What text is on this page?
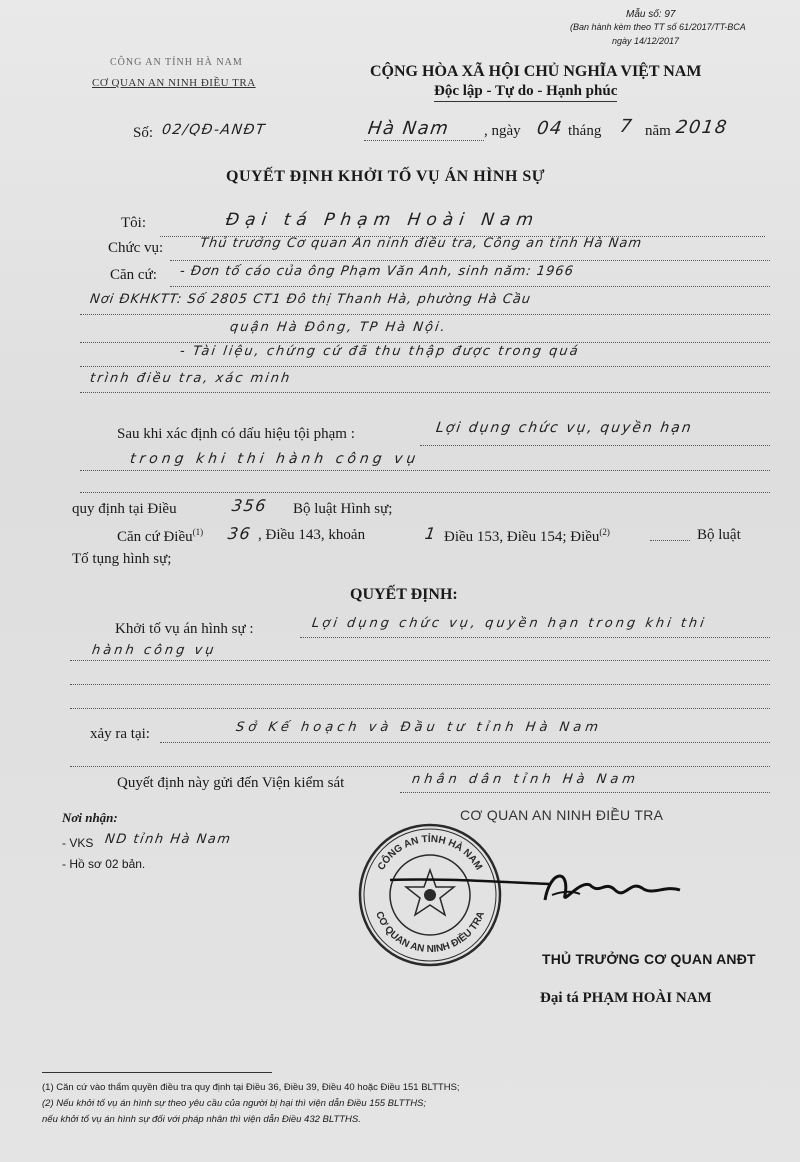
Mẫu số: 97
(Ban hành kèm theo TT số 61/2017/TT-BCA
ngày 14/12/2017
CÔNG AN TỈNH HÀ NAM
CƠ QUAN AN NINH ĐIỀU TRA
CỘNG HÒA XÃ HỘI CHỦ NGHĨA VIỆT NAM
Độc lập - Tự do - Hạnh phúc
Số: 02/QĐ-ANĐT	Hà Nam , ngày 04 tháng 7 năm 2018
QUYẾT ĐỊNH KHỞI TỐ VỤ ÁN HÌNH SỰ
Tôi:	Đại tá Phạm Hoài Nam
Chức vụ:	Thủ trưởng Cơ quan An ninh điều tra, Công an tỉnh Hà Nam
Căn cứ: - Đơn tố cáo của ông Phạm Văn Anh, sinh năm: 1966
Nơi ĐKHKTT: Số 2805 CT1 Đô thị Thanh Hà, phường Hà Cầu
quận Hà Đông, TP Hà Nội.
- Tài liệu, chứng cứ đã thu thập được trong quá
trình điều tra, xác minh
Sau khi xác định có dấu hiệu tội phạm :	Lợi dụng chức vụ, quyền hạn
trong khi thi hành công vụ
quy định tại Điều	356 Bộ luật Hình sự;
Căn cứ Điều$^{(1)}$ 36 , Điều 143, khoản	1 Điều 153, Điều 154; Điều$^{(2)}$	Bộ luật
Tố tụng hình sự;
QUYẾT ĐỊNH:
Khởi tố vụ án hình sự :	Lợi dụng chức vụ, quyền hạn trong khi thi
hành công vụ
xảy ra tại:	Sở Kế hoạch và Đầu tư tỉnh Hà Nam
Quyết định này gửi đến Viện kiểm sát	nhân dân tỉnh Hà Nam
Nơi nhận:
- VKS ND tỉnh Hà Nam
- Hồ sơ 02 bản.
CƠ QUAN AN NINH ĐIỀU TRA
CÔNG AN TỈNH HÀ NAM
CƠ QUAN AN NINH ĐIỀU TRA
THỦ TRƯỞNG CƠ QUAN ANĐT
Đại tá PHẠM HOÀI NAM
(1) Căn cứ vào thẩm quyền điều tra quy định tại Điều 36, Điều 39, Điều 40 hoặc Điều 151 BLTTHS;
(2) Nếu khởi tố vụ án hình sự theo yêu cầu của người bị hại thì viện dẫn Điều 155 BLTTHS;
nếu khởi tố vụ án hình sự đối với pháp nhân thì viện dẫn Điều 432 BLTTHS.
